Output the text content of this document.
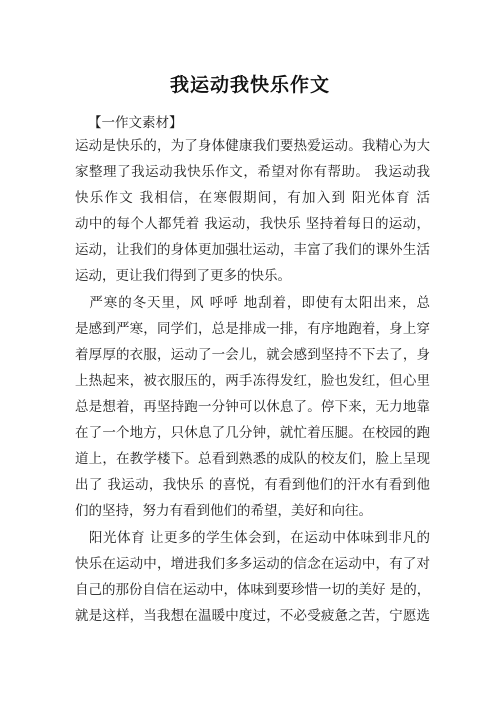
我运动我快乐作文
【一作文素材】
运动是快乐的，为了身体健康我们要热爱运动。我精心为大
家整理了我运动我快乐作文，希望对你有帮助。 我运动我
快乐作文 我相信，在寒假期间，有加入到 阳光体育 活
动中的每个人都凭着 我运动，我快乐 坚持着每日的运动，
运动，让我们的身体更加强壮运动，丰富了我们的课外生活
运动，更让我们得到了更多的快乐。
　严寒的冬天里，风 呼呼 地刮着，即使有太阳出来，总
是感到严寒，同学们，总是排成一排，有序地跑着，身上穿
着厚厚的衣服，运动了一会儿，就会感到坚持不下去了，身
上热起来，被衣服压的，两手冻得发红，脸也发红，但心里
总是想着，再坚持跑一分钟可以休息了。停下来，无力地靠
在了一个地方，只休息了几分钟，就忙着压腿。在校园的跑
道上，在教学楼下。总看到熟悉的成队的校友们，脸上呈现
出了 我运动，我快乐 的喜悦，有看到他们的汗水有看到他
们的坚持，努力有看到他们的希望，美好和向往。
　阳光体育 让更多的学生体会到，在运动中体味到非凡的
快乐在运动中，增进我们多多运动的信念在运动中，有了对
自己的那份自信在运动中，体味到要珍惜一切的美好 是的，
就是这样，当我想在温暖中度过，不必受疲惫之苦，宁愿选
